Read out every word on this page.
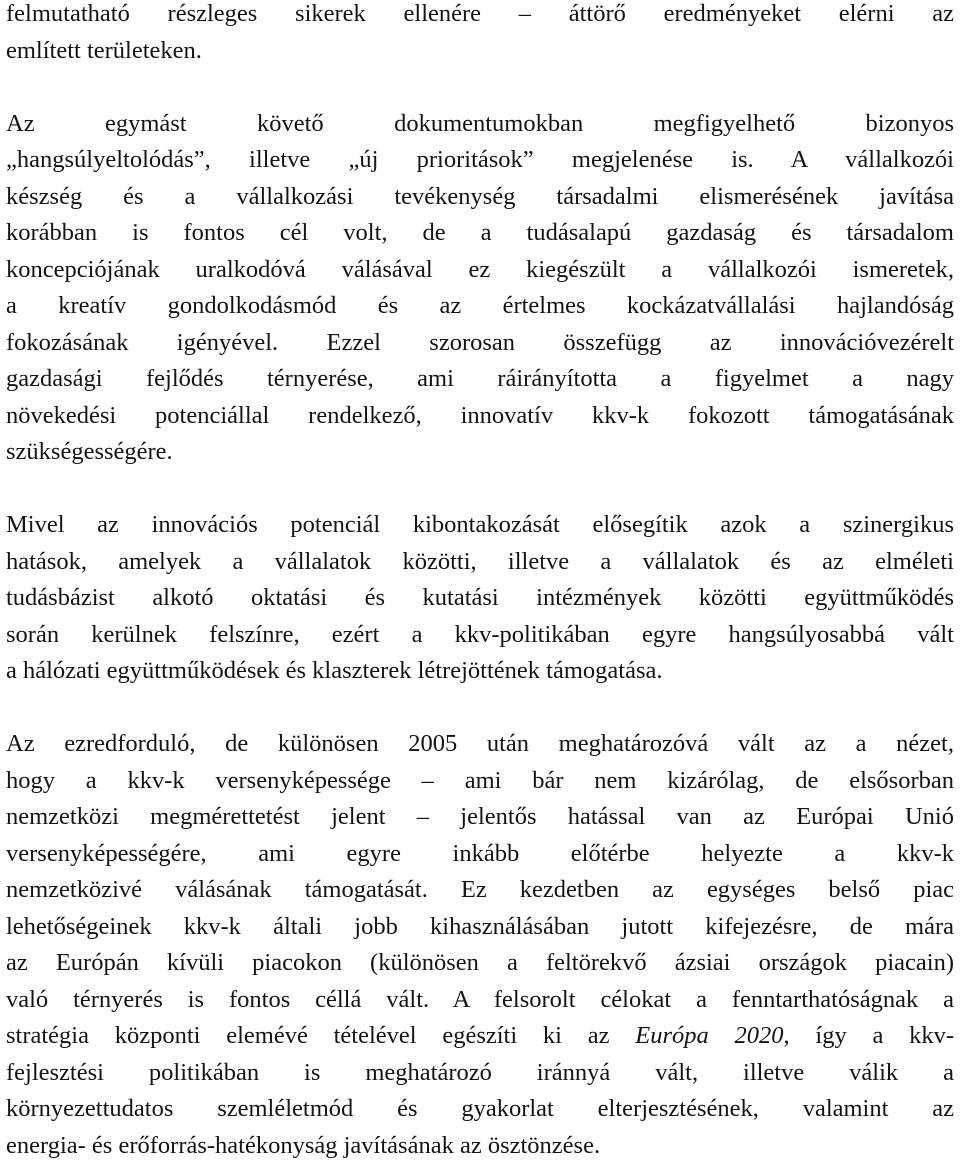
felmutatható részleges sikerek ellenére – áttörő eredményeket elérni az
említett területeken.
Az egymást követő dokumentumokban megfigyelhető bizonyos
„hangsúlyeltolódás”, illetve „új prioritások” megjelenése is. A vállalkozói
készség és a vállalkozási tevékenység társadalmi elismerésének javítása
korábban is fontos cél volt, de a tudásalapú gazdaság és társadalom
koncepciójának uralkodóvá válásával ez kiegészült a vállalkozói ismeretek,
a kreatív gondolkodásmód és az értelmes kockázatvállalási hajlandóság
fokozásának igényével. Ezzel szorosan összefügg az innovációvezérelt
gazdasági fejlődés térnyerése, ami ráirányította a figyelmet a nagy
növekedési potenciállal rendelkező, innovatív kkv-k fokozott támogatásának
szükségességére.
Mivel az innovációs potenciál kibontakozását elősegítik azok a szinergikus
hatások, amelyek a vállalatok közötti, illetve a vállalatok és az elméleti
tudásbázist alkotó oktatási és kutatási intézmények közötti együttműködés
során kerülnek felszínre, ezért a kkv-politikában egyre hangsúlyosabbá vált
a hálózati együttműködések és klaszterek létrejöttének támogatása.
Az ezredforduló, de különösen 2005 után meghatározóvá vált az a nézet,
hogy a kkv-k versenyképessége – ami bár nem kizárólag, de elsősorban
nemzetközi megmérettetést jelent – jelentős hatással van az Európai Unió
versenyképességére, ami egyre inkább előtérbe helyezte a kkv-k
nemzetközivé válásának támogatását. Ez kezdetben az egységes belső piac
lehetőségeinek kkv-k általi jobb kihasználásában jutott kifejezésre, de mára
az Európán kívüli piacokon (különösen a feltörekvő ázsiai országok piacain)
való térnyerés is fontos céllá vált. A felsorolt célokat a fenntarthatóságnak a
stratégia központi elemévé tételével egészíti ki az Európa 2020, így a kkv-
fejlesztési politikában is meghatározó iránnyá vált, illetve válik a
környezettudatos szemléletmód és gyakorlat elterjesztésének, valamint az
energia- és erőforrás-hatékonyság javításának az ösztönzése.
